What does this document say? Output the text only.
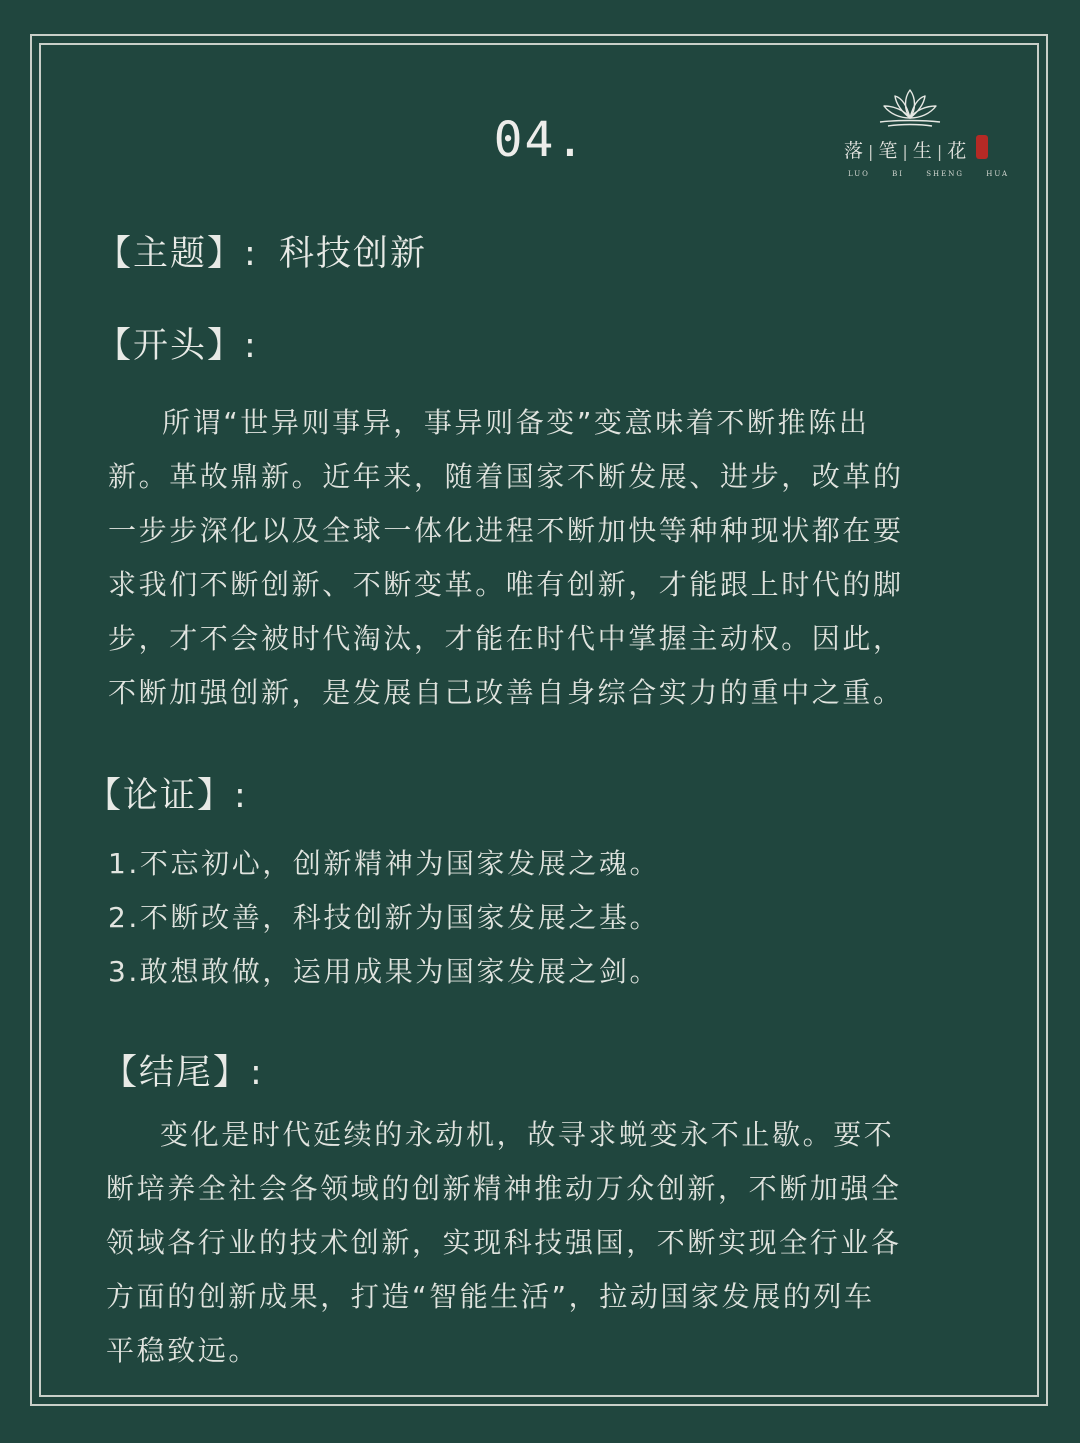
04.	落 | 笔 | 生 | 花
LUO BI SHENG HUA
【主题】: 科技创新
【开头】:
所谓“世异则事异，事异则备变”变意味着不断推陈出
新。革故鼎新。近年来，随着国家不断发展、进步，改革的
一步步深化以及全球一体化进程不断加快等种种现状都在要
求我们不断创新、不断变革。唯有创新，才能跟上时代的脚
步，才不会被时代淘汰，才能在时代中掌握主动权。因此，
不断加强创新，是发展自己改善自身综合实力的重中之重。
【论证】:
1.不忘初心，创新精神为国家发展之魂。
2.不断改善，科技创新为国家发展之基。
3.敢想敢做，运用成果为国家发展之剑。
【结尾】:
变化是时代延续的永动机，故寻求蜕变永不止歇。要不
断培养全社会各领域的创新精神推动万众创新，不断加强全
领域各行业的技术创新，实现科技强国，不断实现全行业各
方面的创新成果，打造“智能生活”，拉动国家发展的列车
平稳致远。
